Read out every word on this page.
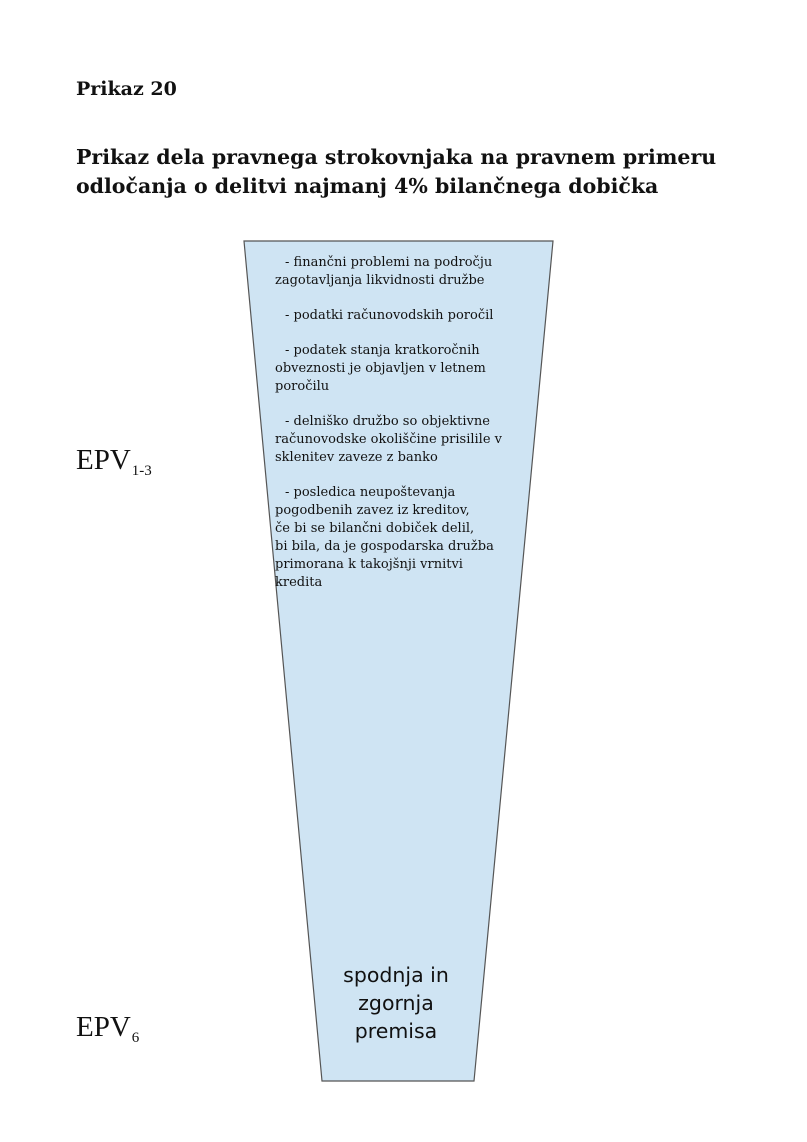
Prikaz 20
Prikaz dela pravnega strokovnjaka na pravnem primeru
odločanja o delitvi najmanj 4% bilančnega dobička
- finančni problemi na področju
zagotavljanja likvidnosti družbe
- podatki računovodskih poročil
- podatek stanja kratkoročnih
obveznosti je objavljen v letnem
poročilu
- delniško družbo so objektivne
računovodske okoliščine prisilile v
sklenitev zaveze z banko
- posledica neupoštevanja
pogodbenih zavez iz kreditov,
če bi se bilančni dobiček delil,
bi bila, da je gospodarska družba
primorana k takojšnji vrnitvi
kredita
$EPV_{1-3}$
$EPV_6$

spodnja in
zgornja
premisa
